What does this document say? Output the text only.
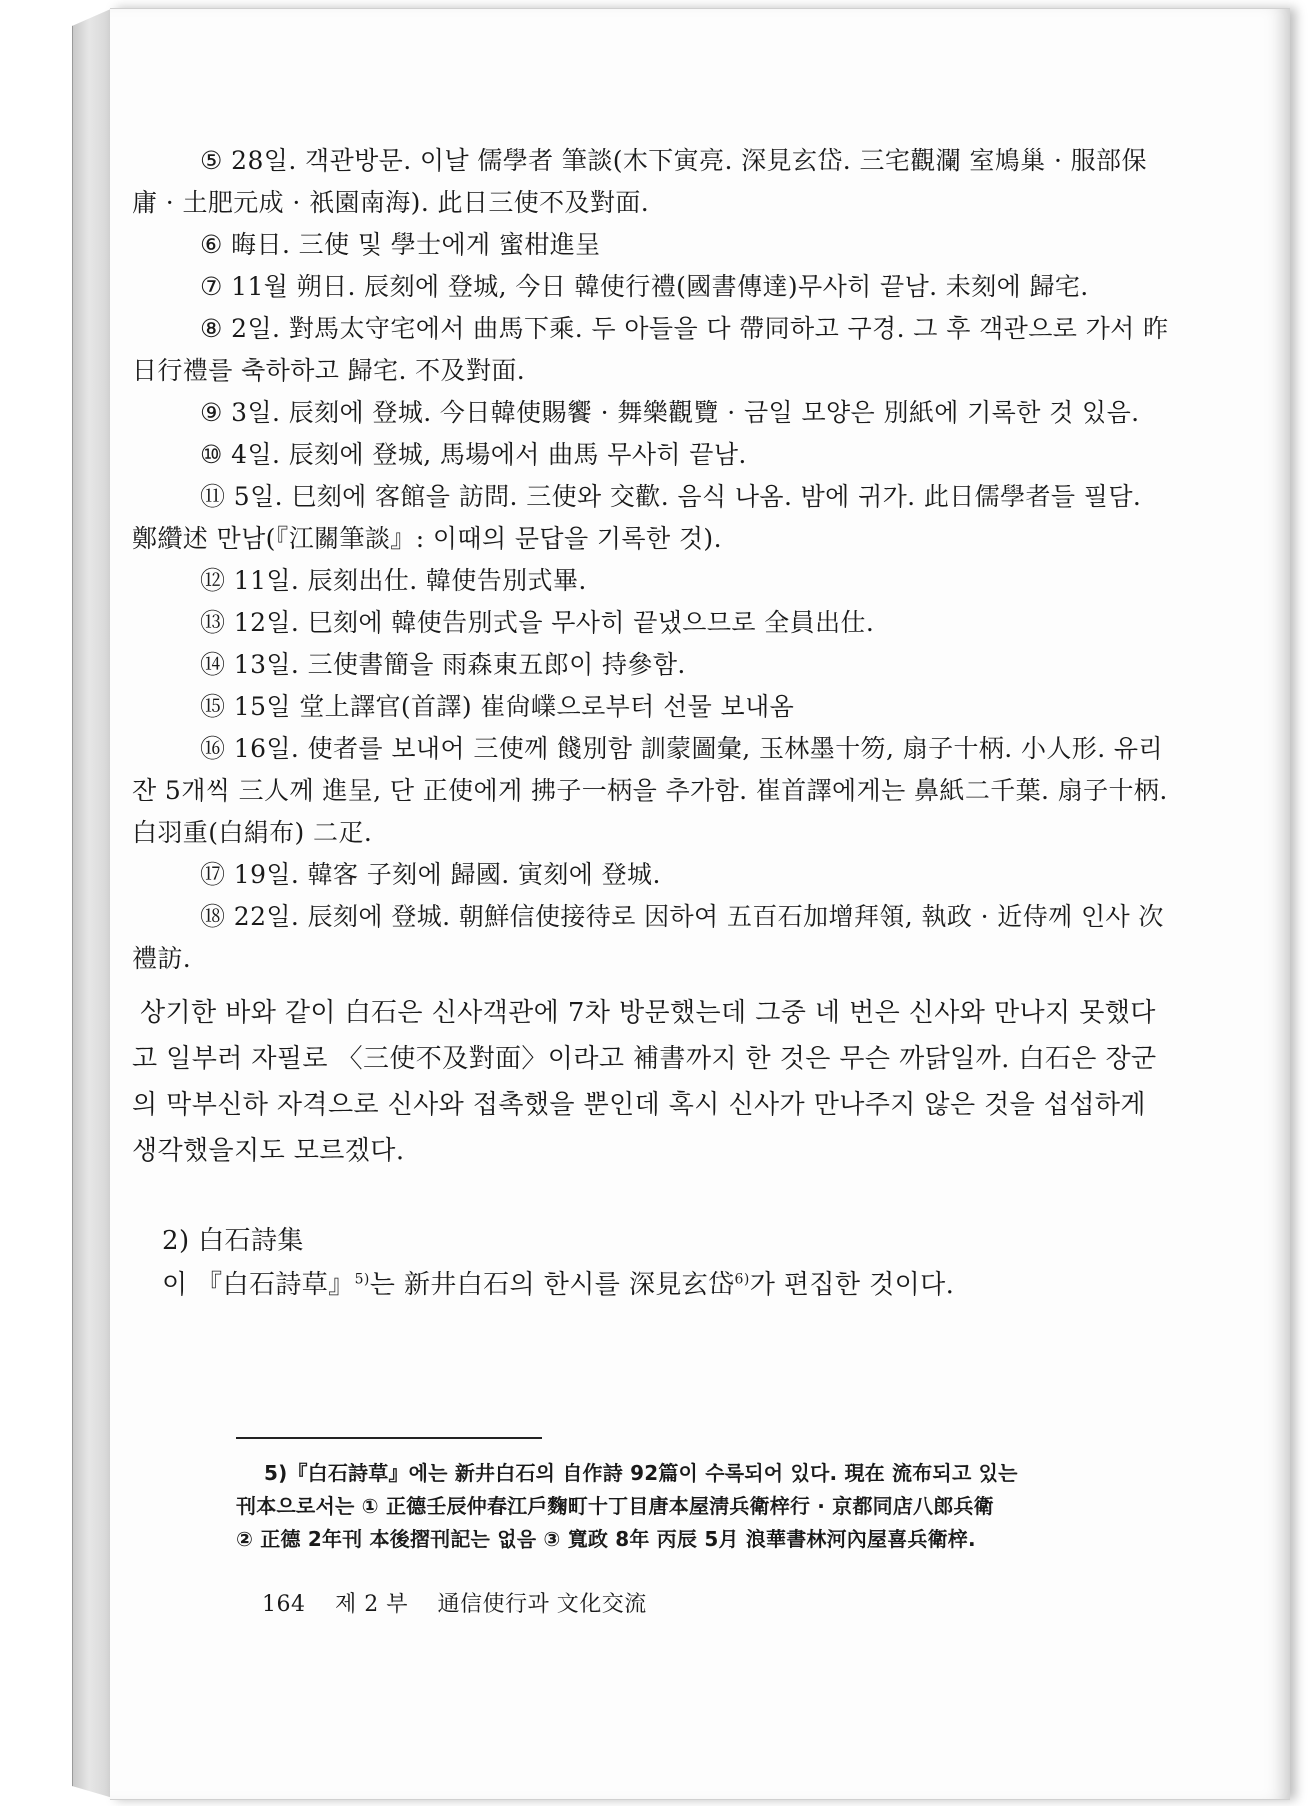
⑤ 28일. 객관방문. 이날 儒學者 筆談(木下寅亮. 深見玄岱. 三宅觀瀾 室鳩巢 · 服部保庸 · 土肥元成 · 祇園南海). 此日三使不及對面.

⑥ 晦日. 三使 및 學士에게 蜜柑進呈

⑦ 11월 朔日. 辰刻에 登城, 今日 韓使行禮(國書傳達)무사히 끝남. 未刻에 歸宅.

⑧ 2일. 對馬太守宅에서 曲馬下乘. 두 아들을 다 帶同하고 구경. 그 후 객관으로 가서 昨日行禮를 축하하고 歸宅. 不及對面.

⑨ 3일. 辰刻에 登城. 今日韓使賜饗 · 舞樂觀覽 · 금일 모양은 別紙에 기록한 것 있음.

⑩ 4일. 辰刻에 登城, 馬場에서 曲馬 무사히 끝남.

⑪ 5일. 巳刻에 客館을 訪問. 三使와 交歡. 음식 나옴. 밤에 귀가. 此日儒學者들 필담. 鄭纘述 만남(『江關筆談』: 이때의 문답을 기록한 것).

⑫ 11일. 辰刻出仕. 韓使告別式畢.

⑬ 12일. 巳刻에 韓使告別式을 무사히 끝냈으므로 全員出仕.

⑭ 13일. 三使書簡을 雨森東五郎이 持參함.

⑮ 15일 堂上譯官(首譯) 崔尙嶫으로부터 선물 보내옴

⑯ 16일. 使者를 보내어 三使께 餞別함 訓蒙圖彙, 玉林墨十笏, 扇子十柄. 小人形. 유리잔 5개씩 三人께 進呈, 단 正使에게 拂子一柄을 추가함. 崔首譯에게는 鼻紙二千葉. 扇子十柄. 白羽重(白絹布) 二疋.

⑰ 19일. 韓客 子刻에 歸國. 寅刻에 登城.

⑱ 22일. 辰刻에 登城. 朝鮮信使接待로 因하여 五百石加增拜領, 執政 · 近侍께 인사 次 禮訪.

상기한 바와 같이 白石은 신사객관에 7차 방문했는데 그중 네 번은 신사와 만나지 못했다고 일부러 자필로 〈三使不及對面〉이라고 補書까지 한 것은 무슨 까닭일까. 白石은 장군의 막부신하 자격으로 신사와 접촉했을 뿐인데 혹시 신사가 만나주지 않은 것을 섭섭하게 생각했을지도 모르겠다.

2) 白石詩集

이 『白石詩草』$^{5)}$는 新井白石의 한시를 深見玄岱$^{6)}$가 편집한 것이다.

5)『白石詩草』에는 新井白石의 自作詩 92篇이 수록되어 있다. 現在 流布되고 있는
刊本으로서는 ① 正德壬辰仲春江戶麴町十丁目唐本屋淸兵衛梓行 · 京都同店八郎兵衛
② 正德 2年刊 本後摺刊記는 없음 ③ 寬政 8年 丙辰 5月 浪華書林河內屋喜兵衛梓.
164 제 2 부 通信使行과 文化交流
